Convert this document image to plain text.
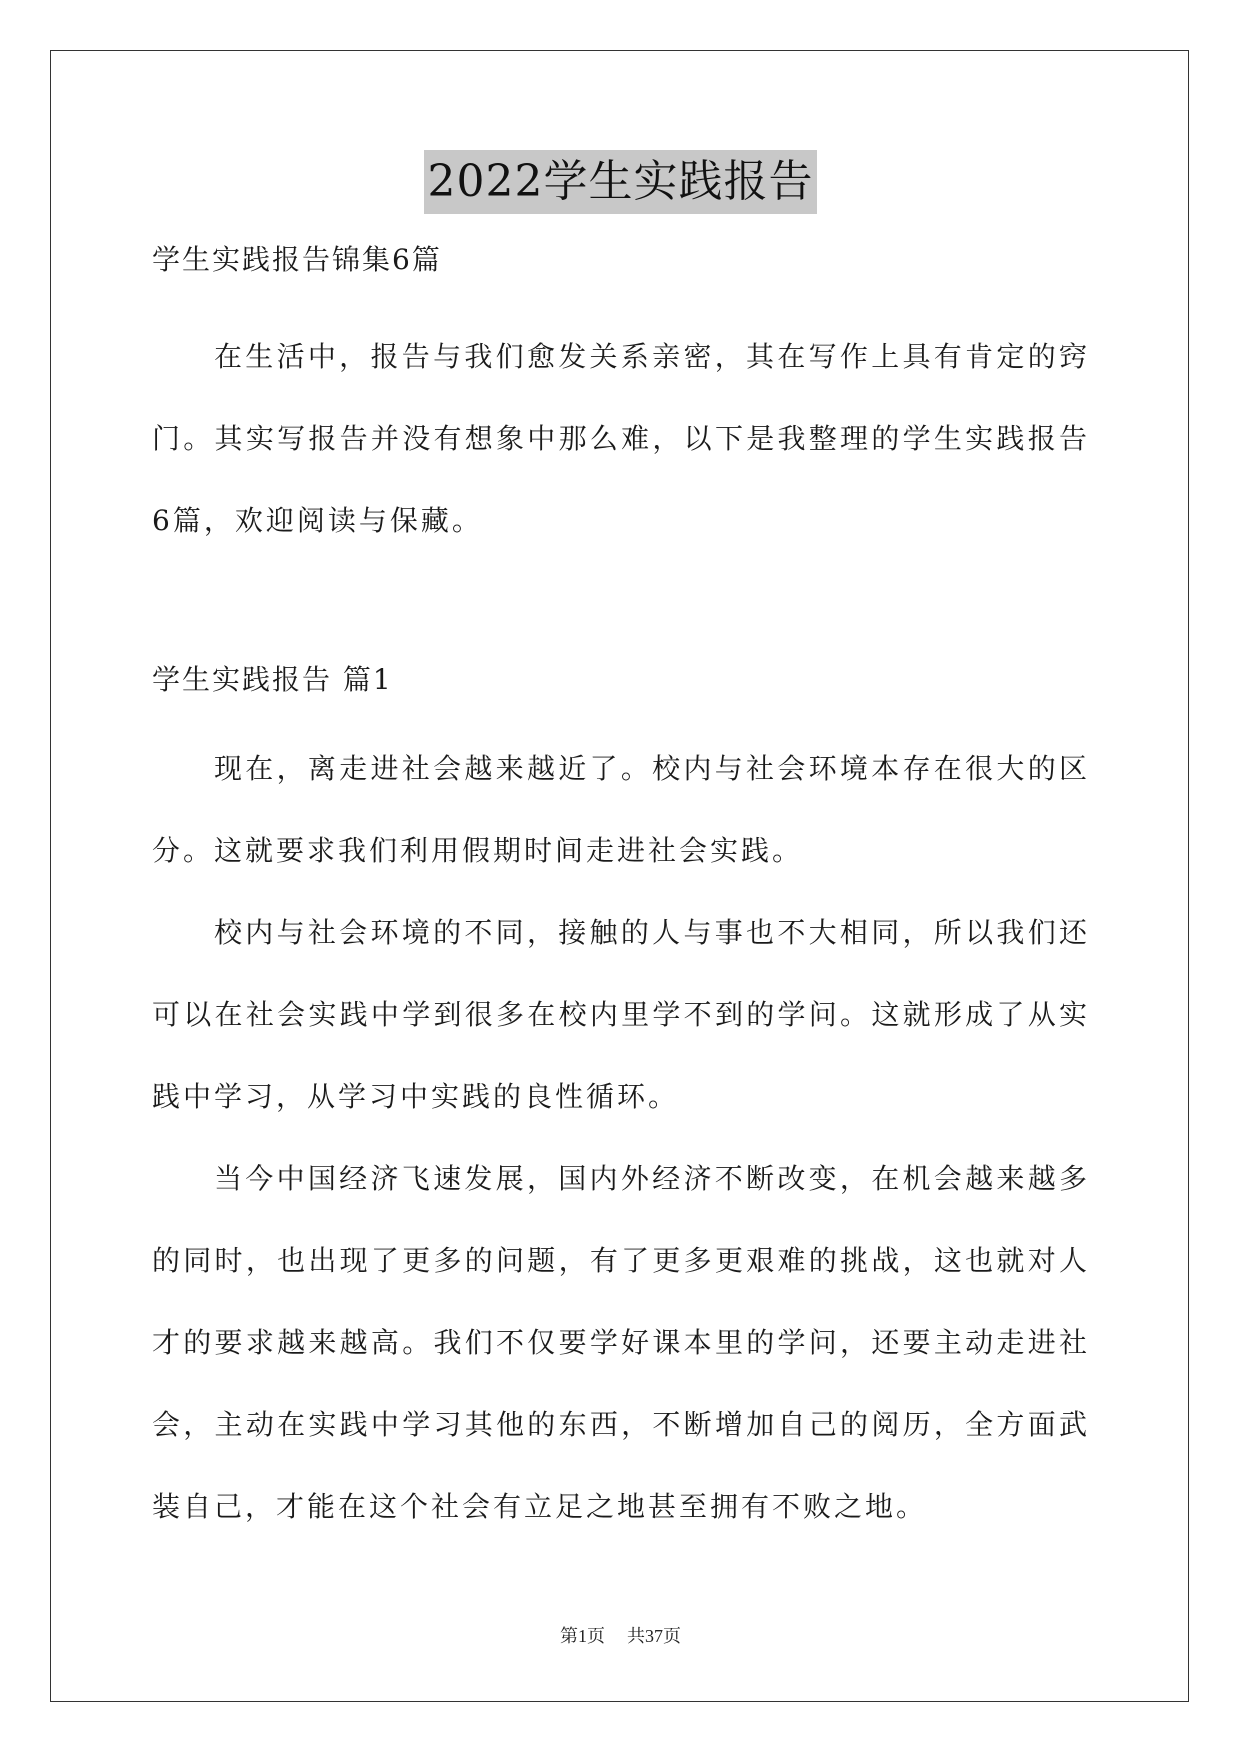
2022学生实践报告

学生实践报告锦集6篇

在生活中，报告与我们愈发关系亲密，其在写作上具有肯定的窍门。其实写报告并没有想象中那么难，以下是我整理的学生实践报告6篇，欢迎阅读与保藏。

学生实践报告 篇1

现在，离走进社会越来越近了。校内与社会环境本存在很大的区分。这就要求我们利用假期时间走进社会实践。

校内与社会环境的不同，接触的人与事也不大相同，所以我们还可以在社会实践中学到很多在校内里学不到的学问。这就形成了从实践中学习，从学习中实践的良性循环。

当今中国经济飞速发展，国内外经济不断改变，在机会越来越多的同时，也出现了更多的问题，有了更多更艰难的挑战，这也就对人才的要求越来越高。我们不仅要学好课本里的学问，还要主动走进社会，主动在实践中学习其他的东西，不断增加自己的阅历，全方面武装自己，才能在这个社会有立足之地甚至拥有不败之地。

第1页 共37页
